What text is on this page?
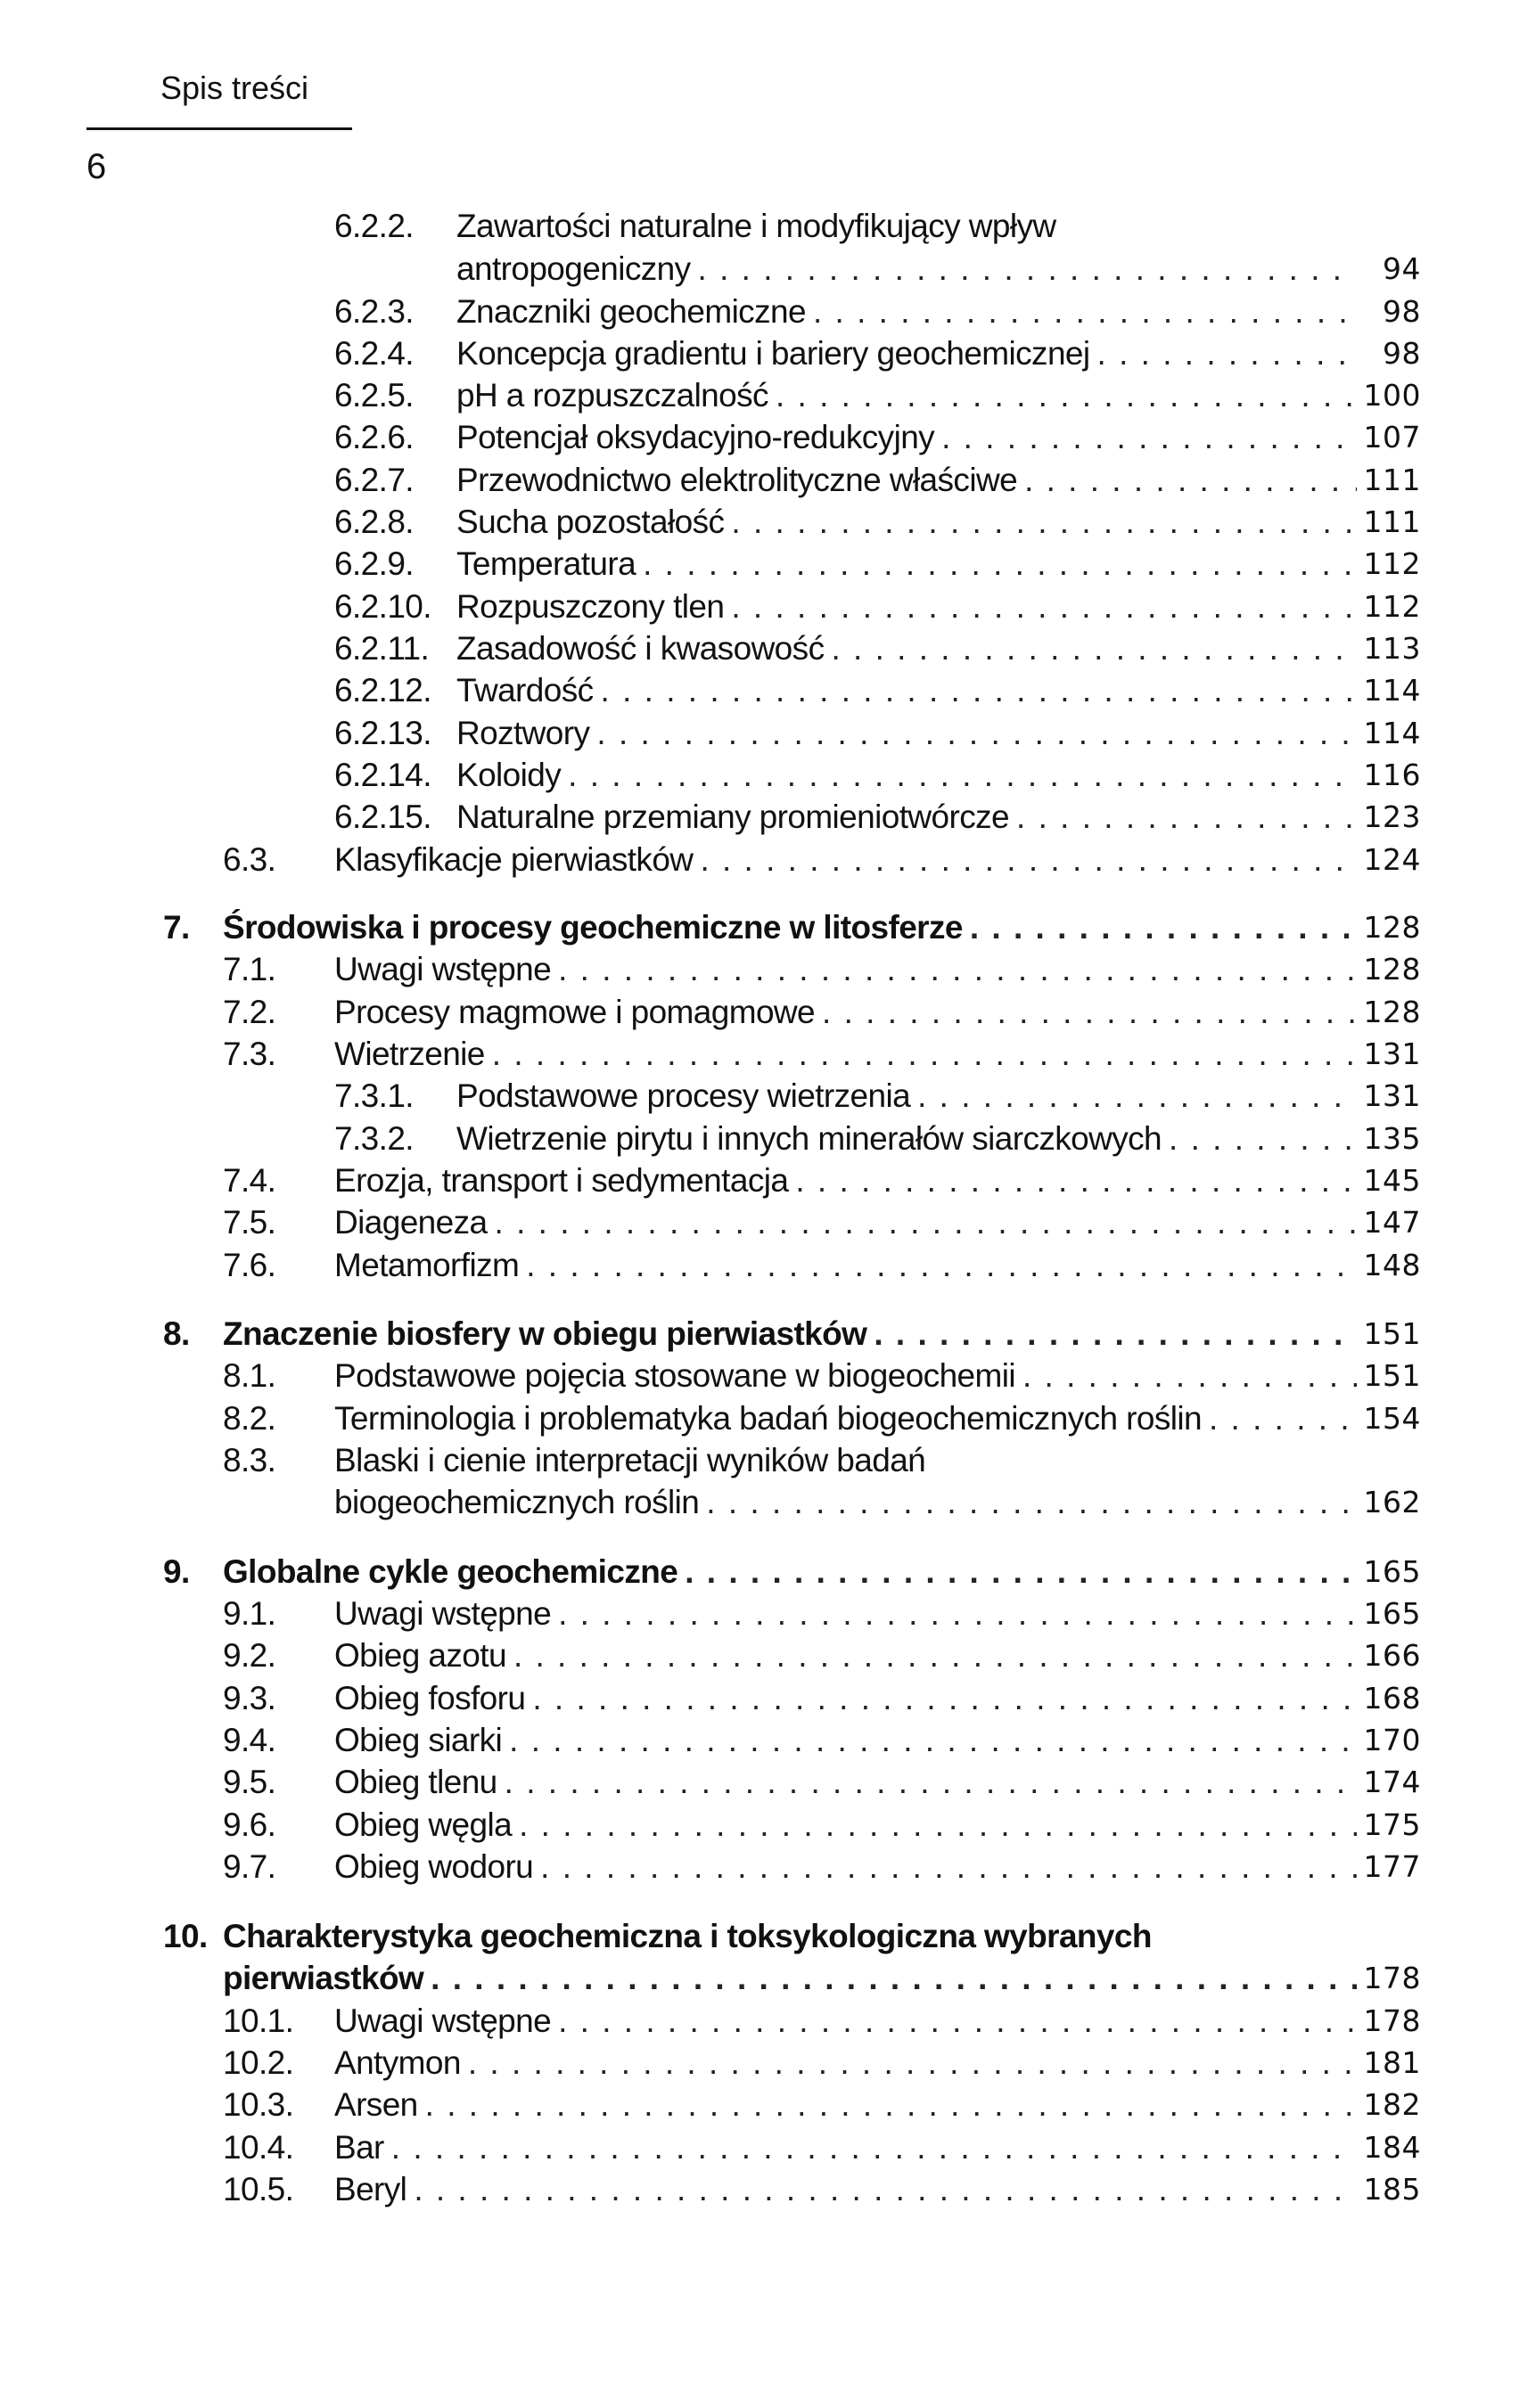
Spis treści
6
6.2.2. Zawartości naturalne i modyfikujący wpływ
antropogeniczny . . .	94
6.2.3. Znaczniki geochemiczne . . .	98
6.2.4. Koncepcja gradientu i bariery geochemicznej . . .	98
6.2.5. pH a rozpuszczalność . . .	100
6.2.6. Potencjał oksydacyjno-redukcyjny . . .	107
6.2.7. Przewodnictwo elektrolityczne właściwe . . .	111
6.2.8. Sucha pozostałość . . .	111
6.2.9. Temperatura . . .	112
6.2.10. Rozpuszczony tlen . . .	112
6.2.11. Zasadowość i kwasowość . . .	113
6.2.12. Twardość . . .	114
6.2.13. Roztwory . . .	114
6.2.14. Koloidy . . .	116
6.2.15. Naturalne przemiany promieniotwórcze . . .	123
6.3. Klasyfikacje pierwiastków . . .	124
7. Środowiska i procesy geochemiczne w litosferze . . .	128
7.1. Uwagi wstępne . . .	128
7.2. Procesy magmowe i pomagmowe . . .	128
7.3. Wietrzenie . . .	131
7.3.1. Podstawowe procesy wietrzenia . . .	131
7.3.2. Wietrzenie pirytu i innych minerałów siarczkowych . . .	135
7.4. Erozja, transport i sedymentacja . . .	145
7.5. Diageneza . . .	147
7.6. Metamorfizm . . .	148
8. Znaczenie biosfery w obiegu pierwiastków . . .	151
8.1. Podstawowe pojęcia stosowane w biogeochemii . . .	151
8.2. Terminologia i problematyka badań biogeochemicznych roślin . . .	154
8.3. Blaski i cienie interpretacji wyników badań
biogeochemicznych roślin . . .	162
9. Globalne cykle geochemiczne . . .	165
9.1. Uwagi wstępne . . .	165
9.2. Obieg azotu . . .	166
9.3. Obieg fosforu . . .	168
9.4. Obieg siarki . . .	170
9.5. Obieg tlenu . . .	174
9.6. Obieg węgla . . .	175
9.7. Obieg wodoru . . .	177
10. Charakterystyka geochemiczna i toksykologiczna wybranych
pierwiastków . . .	178
10.1. Uwagi wstępne . . .	178
10.2. Antymon . . .	181
10.3. Arsen . . .	182
10.4. Bar . . .	184
10.5. Beryl . . .	185
